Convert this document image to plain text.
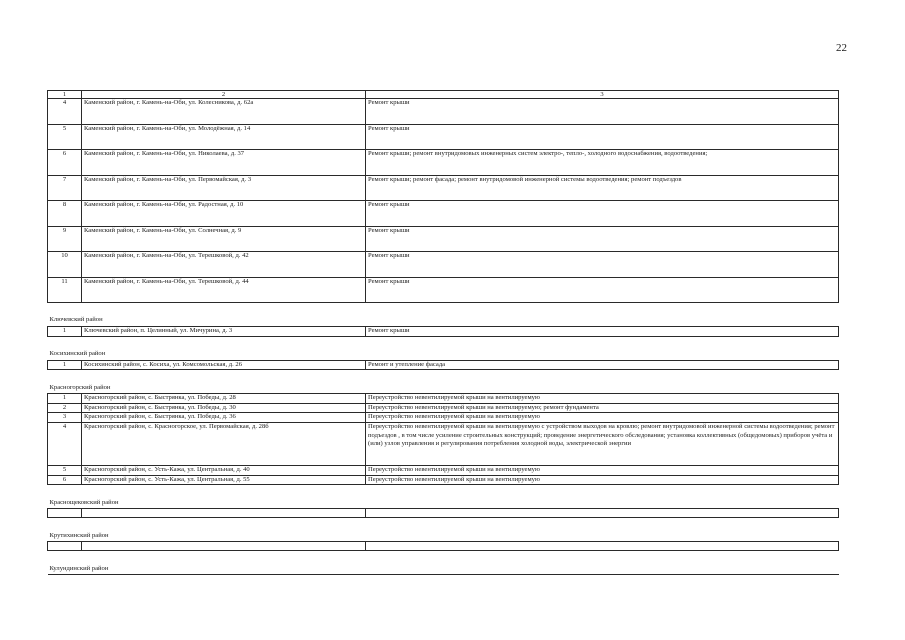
22
1	2	3
4	Каменский район, г. Камень-на-Оби, ул. Колесникова, д. 62а	Ремонт крыши
5	Каменский район, г. Камень-на-Оби, ул. Молодёжная, д. 14	Ремонт крыши
6	Каменский район, г. Камень-на-Оби, ул. Николаева, д. 37	Ремонт крыши; ремонт внутридомовых инженерных систем электро-, тепло-, холодного водоснабжения, водоотведения;
7	Каменский район, г. Камень-на-Оби, ул. Первомайская, д. 3	Ремонт крыши; ремонт фасада; ремонт внутридомовой инженерной системы водоотведения; ремонт подъездов
8	Каменский район, г. Камень-на-Оби, ул. Радостная, д. 10	Ремонт крыши
9	Каменский район, г. Камень-на-Оби, ул. Солнечная, д. 9	Ремонт крыши
10	Каменский район, г. Камень-на-Оби, ул. Терешковой, д. 42	Ремонт крыши
11	Каменский район, г. Камень-на-Оби, ул. Терешковой, д. 44	Ремонт крыши
Ключевский район		
1	Ключевский район, п. Целинный, ул. Мичурина, д. 3	Ремонт крыши
Косихинский район		
1	Косихинский район, с. Косиха, ул. Комсомольская, д. 26	Ремонт и утепление фасада
Красногорский район		
1	Красногорский район, с. Быстрянка, ул. Победы, д. 28	Переустройство невентилируемой крыши на вентилируемую
2	Красногорский район, с. Быстрянка, ул. Победы, д. 30	Переустройство невентилируемой крыши на вентилируемую; ремонт фундамента
3	Красногорский район, с. Быстрянка, ул. Победы, д. 36	Переустройство невентилируемой крыши на вентилируемую
4	Красногорский район, с. Красногорское, ул. Первомайская, д. 28б	Переустройство невентилируемой крыши на вентилируемую с устройством выходов на кровлю; ремонт внутридомовой инженерной системы водоотведения; ремонт подъездов , в том числе усиление строительных конструкций; проведение энергетического обследования; установка коллективных (общедомовых) приборов учёта и (или) узлов управления и регулирования потребления холодной воды, электрической энергии
5	Красногорский район, с. Усть-Кажа, ул. Центральная, д. 40	Переустройство невентилируемой крыши на вентилируемую
6	Красногорский район, с. Усть-Кажа, ул. Центральная, д. 55	Переустройство невентилируемой крыши на вентилируемую
Краснощековский район		

Крутихинский район		

Кулундинский район		
